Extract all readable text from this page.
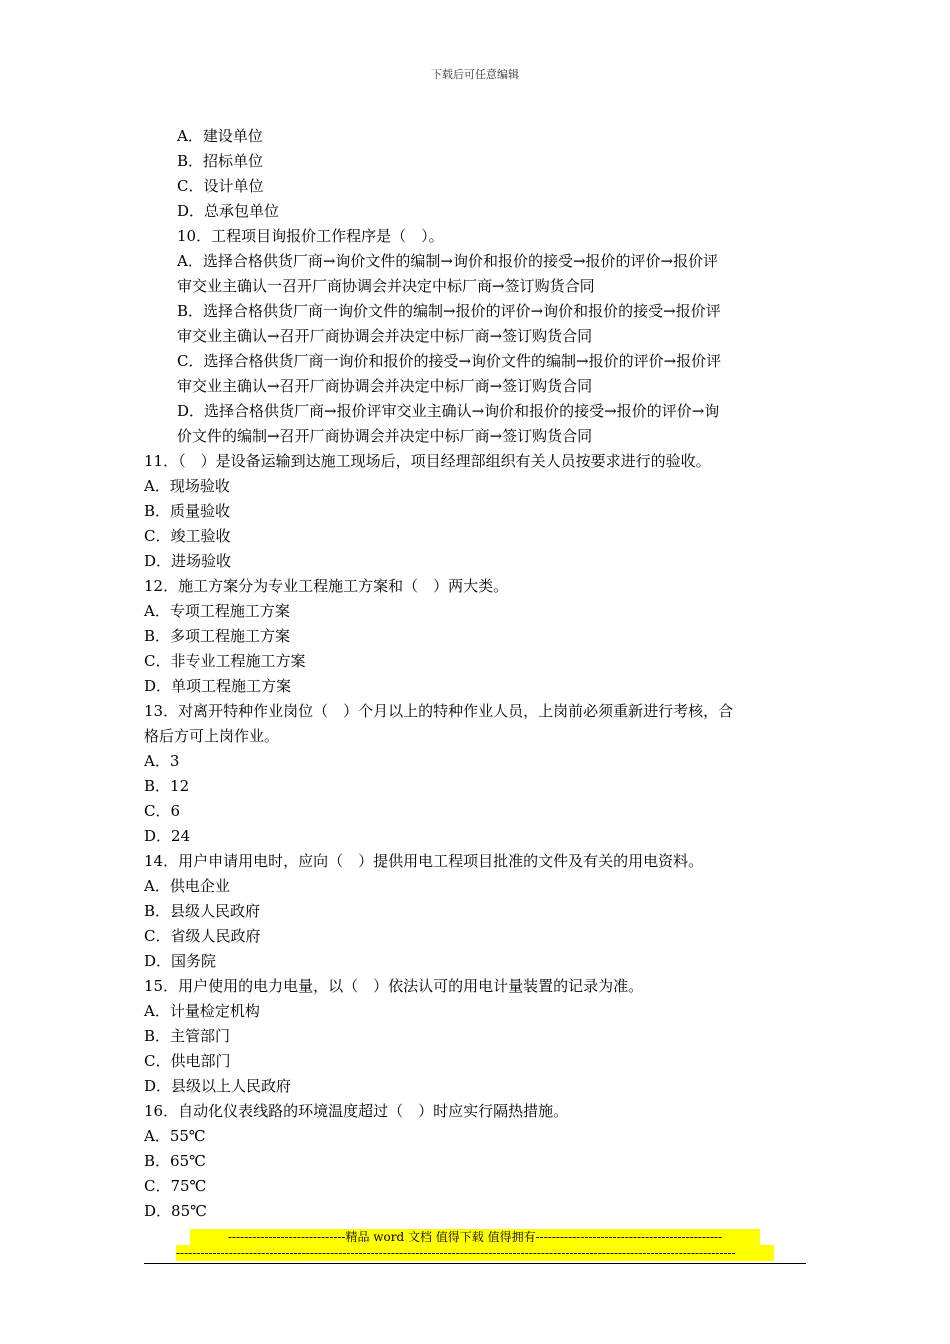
下载后可任意编辑
A．建设单位
B．招标单位
C．设计单位
D．总承包单位
10．工程项目询报价工作程序是（　）。
A．选择合格供货厂商→询价文件的编制→询价和报价的接受→报价的评价→报价评
审交业主确认一召开厂商协调会并决定中标厂商→签订购货合同
B．选择合格供货厂商一询价文件的编制→报价的评价→询价和报价的接受→报价评
审交业主确认→召开厂商协调会并决定中标厂商→签订购货合同
C．选择合格供货厂商一询价和报价的接受→询价文件的编制→报价的评价→报价评
审交业主确认→召开厂商协调会并决定中标厂商→签订购货合同
D．选择合格供货厂商→报价评审交业主确认→询价和报价的接受→报价的评价→询
价文件的编制→召开厂商协调会并决定中标厂商→签订购货合同
11．（　）是设备运输到达施工现场后，项目经理部组织有关人员按要求进行的验收。
A．现场验收
B．质量验收
C．竣工验收
D．进场验收
12．施工方案分为专业工程施工方案和（　）两大类。
A．专项工程施工方案
B．多项工程施工方案
C．非专业工程施工方案
D．单项工程施工方案
13．对离开特种作业岗位（　）个月以上的特种作业人员，上岗前必须重新进行考核，合
格后方可上岗作业。
A．3
B．12
C．6
D．24
14．用户申请用电时，应向（　）提供用电工程项目批准的文件及有关的用电资料。
A．供电企业
B．县级人民政府
C．省级人民政府
D．国务院
15．用户使用的电力电量，以（　）依法认可的用电计量装置的记录为准。
A．计量检定机构
B．主管部门
C．供电部门
D．县级以上人民政府
16．自动化仪表线路的环境温度超过（　）时应实行隔热措施。
A．55℃
B．65℃
C．75℃
D．85℃
-----------------------------精品 word 文档 值得下载 值得拥有----------------------------------------------
------------------------------------------------------------------------------------------------------------------------------------------
